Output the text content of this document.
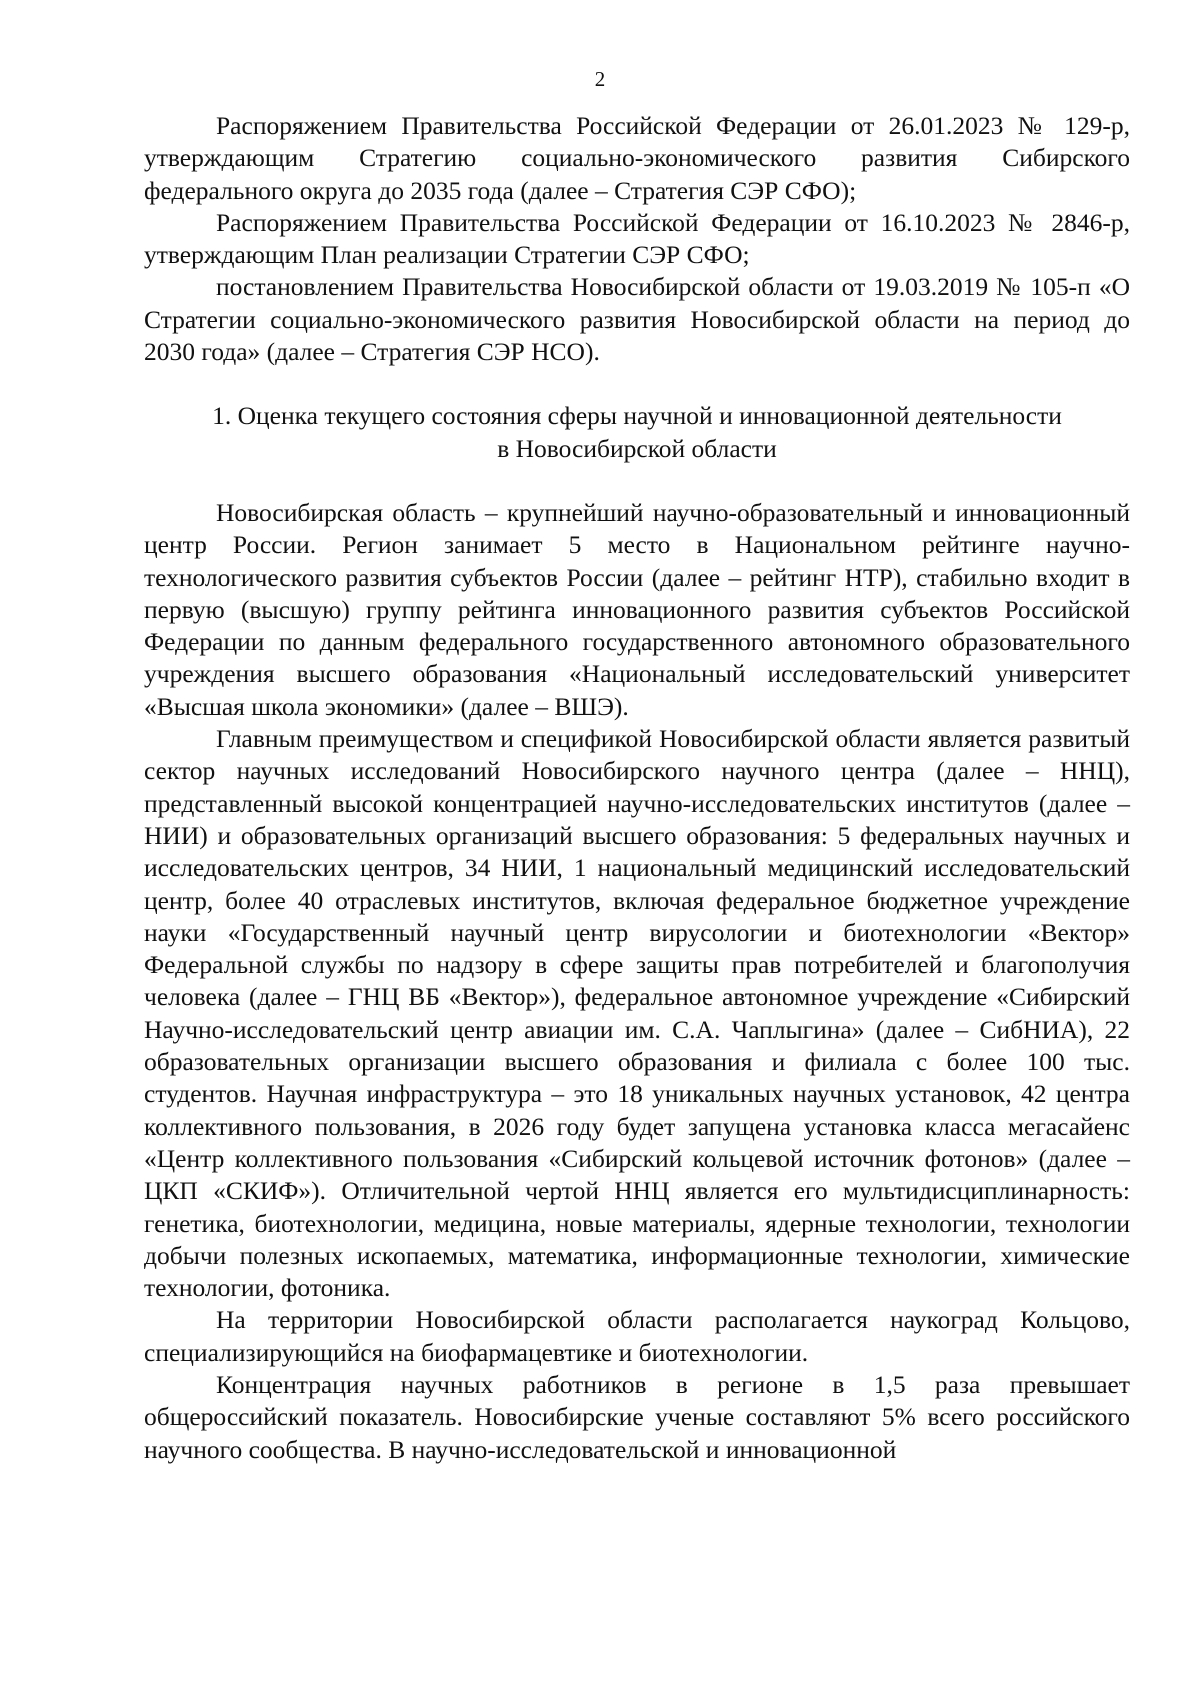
2

Распоряжением Правительства Российской Федерации от 26.01.2023 № 129-р, утверждающим Стратегию социально-экономического развития Сибирского федерального округа до 2035 года (далее – Стратегия СЭР СФО);

Распоряжением Правительства Российской Федерации от 16.10.2023 № 2846-р, утверждающим План реализации Стратегии СЭР СФО;

постановлением Правительства Новосибирской области от 19.03.2019 № 105-п «О Стратегии социально-экономического развития Новосибирской области на период до 2030 года» (далее – Стратегия СЭР НСО).

1. Оценка текущего состояния сферы научной и инновационной деятельности
в Новосибирской области

Новосибирская область – крупнейший научно-образовательный и инновационный центр России. Регион занимает 5 место в Национальном рейтинге научно-технологического развития субъектов России (далее – рейтинг НТР), стабильно входит в первую (высшую) группу рейтинга инновационного развития субъектов Российской Федерации по данным федерального государственного автономного образовательного учреждения высшего образования «Национальный исследовательский университет «Высшая школа экономики» (далее – ВШЭ).

Главным преимуществом и спецификой Новосибирской области является развитый сектор научных исследований Новосибирского научного центра (далее – ННЦ), представленный высокой концентрацией научно-исследовательских институтов (далее – НИИ) и образовательных организаций высшего образования: 5 федеральных научных и исследовательских центров, 34 НИИ, 1 национальный медицинский исследовательский центр, более 40 отраслевых институтов, включая федеральное бюджетное учреждение науки «Государственный научный центр вирусологии и биотехнологии «Вектор» Федеральной службы по надзору в сфере защиты прав потребителей и благополучия человека (далее – ГНЦ ВБ «Вектор»), федеральное автономное учреждение «Сибирский Научно-исследовательский центр авиации им. С.А. Чаплыгина» (далее – СибНИА), 22 образовательных организации высшего образования и филиала с более 100 тыс. студентов. Научная инфраструктура – это 18 уникальных научных установок, 42 центра коллективного пользования, в 2026 году будет запущена установка класса мегасайенс «Центр коллективного пользования «Сибирский кольцевой источник фотонов» (далее – ЦКП «СКИФ»). Отличительной чертой ННЦ является его мультидисциплинарность: генетика, биотехнологии, медицина, новые материалы, ядерные технологии, технологии добычи полезных ископаемых, математика, информационные технологии, химические технологии, фотоника.

На территории Новосибирской области располагается наукоград Кольцово, специализирующийся на биофармацевтике и биотехнологии.

Концентрация научных работников в регионе в 1,5 раза превышает общероссийский показатель. Новосибирские ученые составляют 5% всего российского научного сообщества. В научно-исследовательской и инновационной
